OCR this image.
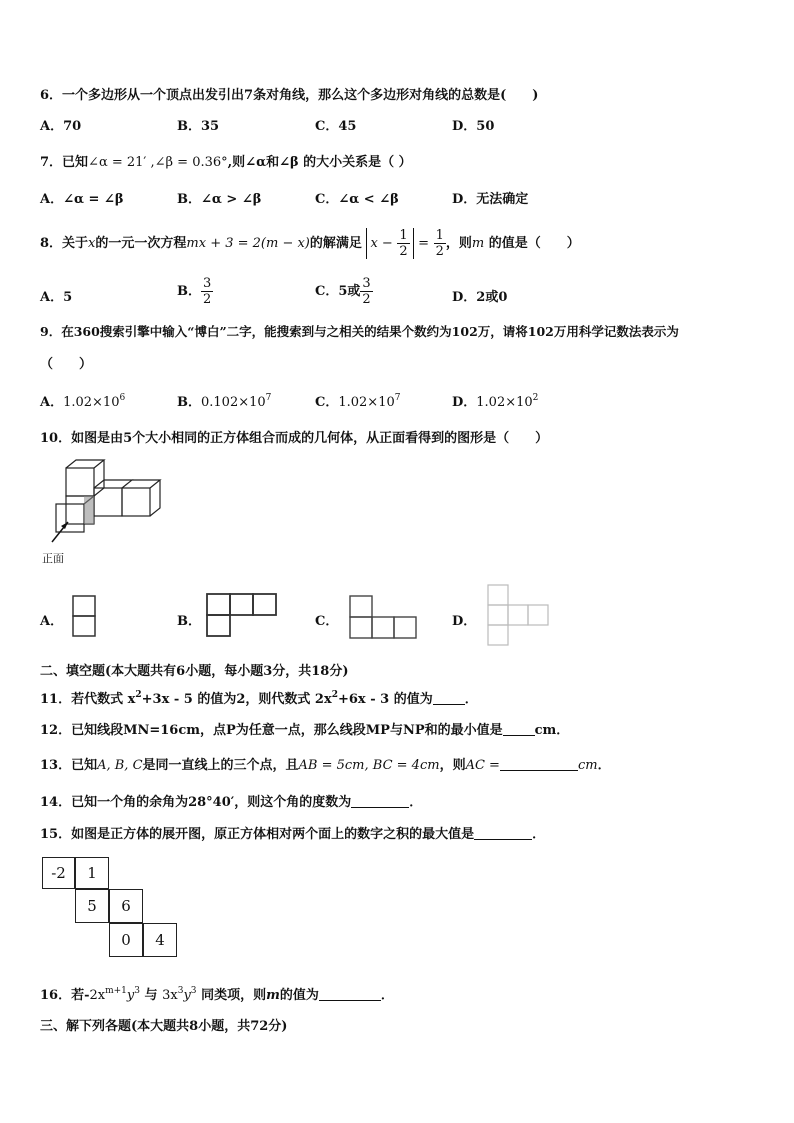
6．一个多边形从一个顶点出发引出7条对角线，那么这个多边形对角线的总数是(　　)
A．70	B．35	C．45	D．50
7．已知∠α = 21′ ,∠β = 0.36°,则∠α和∠β 的大小关系是（ ）
A．∠α = ∠β	B．∠α > ∠β	C．∠α < ∠β	D．无法确定
8．关于x的一元一次方程mx + 3 = 2(m − x)的解满足 $x - \frac{1}{2} = \frac{1}{2}$ ，则m 的值是（　　）
A．5	B． $\frac{3}{2}$	C．5或 $\frac{3}{2}$	D．2或0
9．在360搜索引擎中输入“博白”二字，能搜索到与之相关的结果个数约为102万，请将102万用科学记数法表示为
（　　）
A．$1.02\times 10^6$	B．$0.102\times 10^7$	C．$1.02\times 10^7$	D．$1.02\times 10^2$
10．如图是由5个大小相同的正方体组合而成的几何体，从正面看得到的图形是（　　）
正面
A．	B．	C．	D．
二、填空题(本大题共有6小题，每小题3分，共18分)
11．若代数式 $x^2+3x - 5$ 的值为2，则代数式 $2x^2+6x - 3$ 的值为 ．
12．已知线段MN=16cm，点P为任意一点，那么线段MP与NP和的最小值是 cm．
13．已知A, B, C是同一直线上的三个点，且AB = 5cm, BC = 4cm，则AC =	cm．
14．已知一个角的余角为28°40′，则这个角的度数为	．
15．如图是正方体的展开图，原正方体相对两个面上的数字之积的最大值是	．
-2	1
5	6
0	4
16．若$-2x^{m+1}y^3$ 与 $3x^3y^3$ 同类项，则m的值为	．
三、解下列各题(本大题共8小题，共72分)
